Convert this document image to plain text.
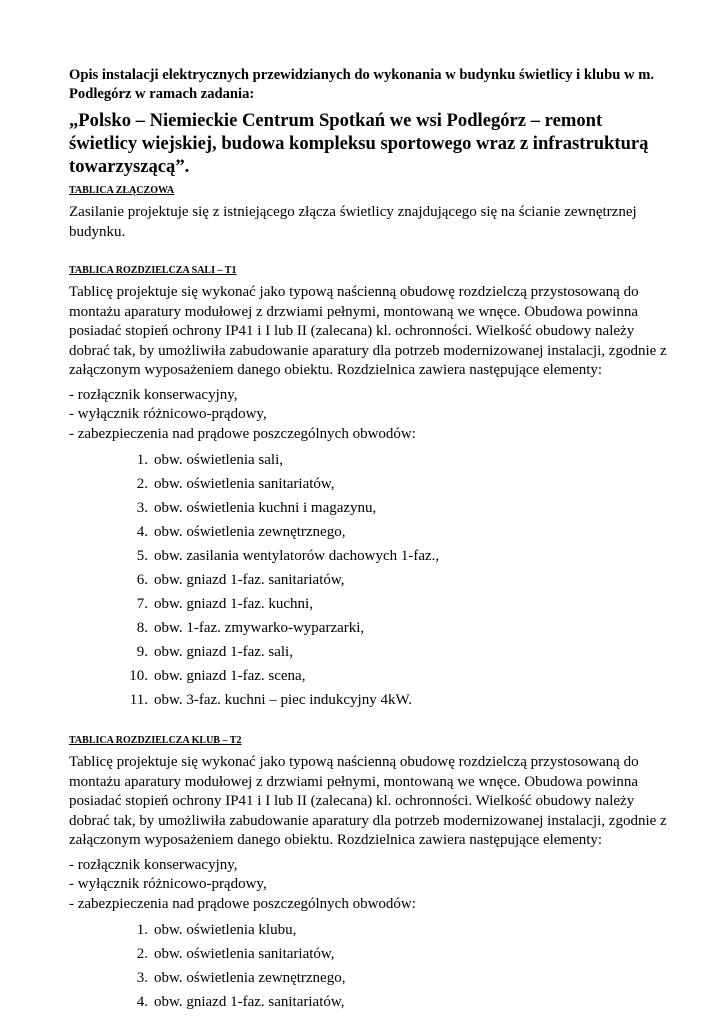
Opis instalacji elektrycznych przewidzianych do wykonania w budynku świetlicy i klubu w m. Podlegórz w ramach zadania:

„Polsko – Niemieckie Centrum Spotkań we wsi Podlegórz – remont świetlicy wiejskiej, budowa kompleksu sportowego wraz z infrastrukturą towarzyszącą”.

TABLICA ZŁĄCZOWA

Zasilanie projektuje się z istniejącego złącza świetlicy znajdującego się na ścianie zewnętrznej budynku.

TABLICA ROZDZIELCZA SALI – T1

Tablicę projektuje się wykonać jako typową naścienną obudowę rozdzielczą przystosowaną do montażu aparatury modułowej z drzwiami pełnymi, montowaną we wnęce. Obudowa powinna posiadać stopień ochrony IP41 i I lub II (zalecana) kl. ochronności. Wielkość obudowy należy dobrać tak, by umożliwiła zabudowanie aparatury dla potrzeb modernizowanej instalacji, zgodnie z załączonym wyposażeniem danego obiektu. Rozdzielnica zawiera następujące elementy:

- rozłącznik konserwacyjny,
- wyłącznik różnicowo-prądowy,
- zabezpieczenia nad prądowe poszczególnych obwodów:
1. obw. oświetlenia sali,
2. obw. oświetlenia sanitariatów,
3. obw. oświetlenia kuchni i magazynu,
4. obw. oświetlenia zewnętrznego,
5. obw. zasilania wentylatorów dachowych 1-faz.,
6. obw. gniazd 1-faz. sanitariatów,
7. obw. gniazd 1-faz. kuchni,
8. obw. 1-faz. zmywarko-wyparzarki,
9. obw. gniazd 1-faz. sali,
10. obw. gniazd 1-faz. scena,
11. obw. 3-faz. kuchni – piec indukcyjny 4kW.

TABLICA ROZDZIELCZA KLUB – T2

Tablicę projektuje się wykonać jako typową naścienną obudowę rozdzielczą przystosowaną do montażu aparatury modułowej z drzwiami pełnymi, montowaną we wnęce. Obudowa powinna posiadać stopień ochrony IP41 i I lub II (zalecana) kl. ochronności. Wielkość obudowy należy dobrać tak, by umożliwiła zabudowanie aparatury dla potrzeb modernizowanej instalacji, zgodnie z załączonym wyposażeniem danego obiektu. Rozdzielnica zawiera następujące elementy:

- rozłącznik konserwacyjny,
- wyłącznik różnicowo-prądowy,
- zabezpieczenia nad prądowe poszczególnych obwodów:
1. obw. oświetlenia klubu,
2. obw. oświetlenia sanitariatów,
3. obw. oświetlenia zewnętrznego,
4. obw. gniazd 1-faz. sanitariatów,
